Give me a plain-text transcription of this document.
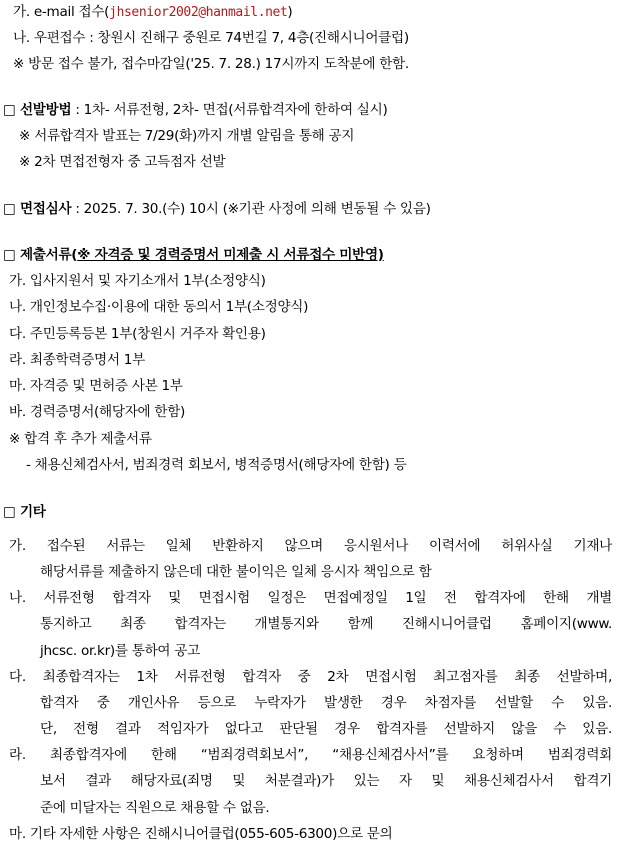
가. e-mail 접수(jhsenior2002@hanmail.net)
나. 우편접수 : 창원시 진해구 중원로 74번길 7, 4층(진해시니어클럽)
※ 방문 접수 불가, 접수마감일('25. 7. 28.) 17시까지 도착분에 한함.
□ 선발방법 : 1차- 서류전형, 2차- 면접(서류합격자에 한하여 실시)
※ 서류합격자 발표는 7/29(화)까지 개별 알림을 통해 공지
※ 2차 면접전형자 중 고득점자 선발
□ 면접심사 : 2025. 7. 30.(수) 10시 (※기관 사정에 의해 변동될 수 있음)
□ 제출서류(※ 자격증 및 경력증명서 미제출 시 서류접수 미반영)
가. 입사지원서 및 자기소개서 1부(소정양식)
나. 개인정보수집·이용에 대한 동의서 1부(소정양식)
다. 주민등록등본 1부(창원시 거주자 확인용)
라. 최종학력증명서 1부
마. 자격증 및 면허증 사본 1부
바. 경력증명서(해당자에 한함)
※ 합격 후 추가 제출서류
- 채용신체검사서, 범죄경력 회보서, 병적증명서(해당자에 한함) 등
□ 기타
가. 접수된 서류는 일체 반환하지 않으며 응시원서나 이력서에 허위사실 기재나
해당서류를 제출하지 않은데 대한 불이익은 일체 응시자 책임으로 함
나. 서류전형 합격자 및 면접시험 일정은 면접예정일 1일 전 합격자에 한해 개별
통지하고 최종 합격자는 개별통지와 함께 진해시니어클럽 홈페이지(www.
jhcsc. or.kr)를 통하여 공고
다. 최종합격자는 1차 서류전형 합격자 중 2차 면접시험 최고점자를 최종 선발하며,
합격자 중 개인사유 등으로 누락자가 발생한 경우 차점자를 선발할 수 있음.
단, 전형 결과 적임자가 없다고 판단될 경우 합격자를 선발하지 않을 수 있음.
라. 최종합격자에 한해 “범죄경력회보서”, “채용신체검사서”를 요청하며 범죄경력회
보서 결과 해당자료(죄명 및 처분결과)가 있는 자 및 채용신체검사서 합격기
준에 미달자는 직원으로 채용할 수 없음.
마. 기타 자세한 사항은 진해시니어클럽(055-605-6300)으로 문의
